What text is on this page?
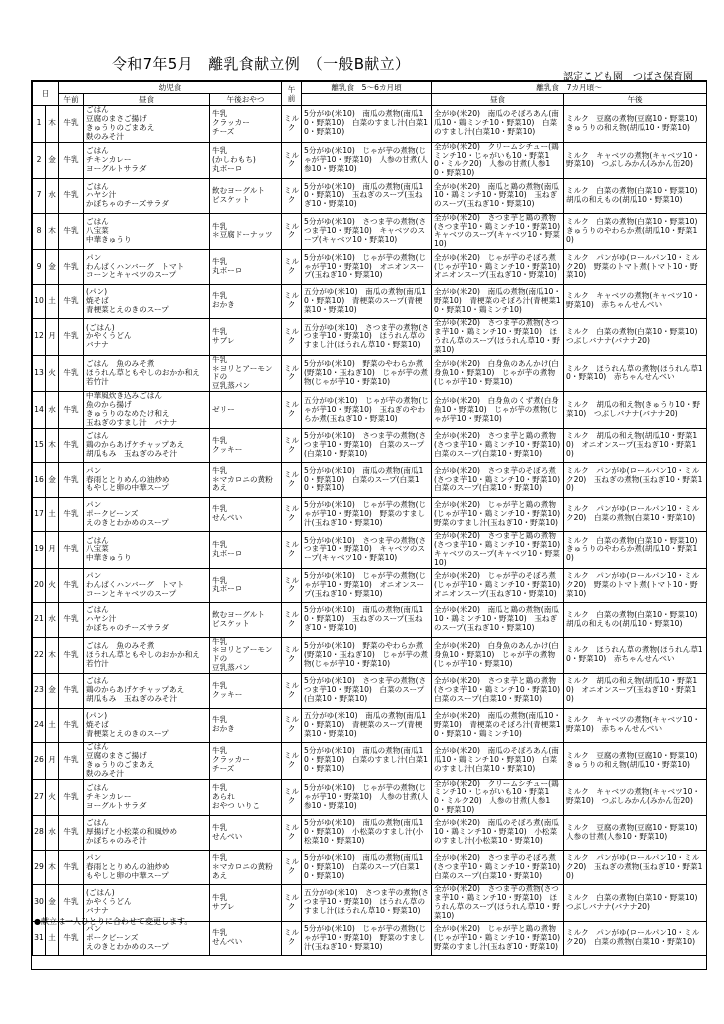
令和7年5月　離乳食献立例　（一般B献立）
認定こども園　つばさ保育園
日		幼児食			午前	離乳食　5～6カ月頃	離乳食　7カ月頃～	
		午前	昼食	午後おやつ			昼食	午後
1	木	牛乳	ごはん
豆腐のまさご揚げ
きゅうりのごまあえ
麩のみそ汁	牛乳
クラッカー
チーズ	ミルク	5分がゆ(米10)　南瓜の煮物(南瓜10・野菜10)　白菜のすまし汁(白菜10・野菜10)	全がゆ(米20)　南瓜のそぼろあん(南瓜10・鶏ミンチ10・野菜10)　白菜のすまし汁(白菜10・野菜10)	ミルク　豆腐の煮物(豆腐10・野菜10)　きゅうりの和え物(胡瓜10・野菜10)
2	金	牛乳	ごはん
チキンカレー
ヨーグルトサラダ	牛乳
(かしわもち)
丸ボーロ	ミルク	5分がゆ(米10)　じゃが芋の煮物(じゃが芋10・野菜10)　人参の甘煮(人参10・野菜10)	全がゆ(米20)　クリームシチュー(鶏ミンチ10・じゃがいも10・野菜10・ミルク20)　人参の甘煮(人参10・野菜10)	ミルク　キャベツの煮物(キャベツ10・野菜10)　つぶしみかん(みかん缶20)
7	水	牛乳	ごはん
ハヤシ汁
かぼちゃのチーズサラダ	飲むヨーグルト
ビスケット	ミルク	5分がゆ(米10)　南瓜の煮物(南瓜10・野菜10)　玉ねぎのスープ(玉ねぎ10・野菜10)	全がゆ(米20)　南瓜と鶏の煮物(南瓜10・鶏ミンチ10・野菜10)　玉ねぎのスープ(玉ねぎ10・野菜10)	ミルク　白菜の煮物(白菜10・野菜10)　胡瓜の和えもの(胡瓜10・野菜10)
8	木	牛乳	ごはん
八宝菜
中華きゅうり	牛乳
＊豆腐ドーナッツ	ミルク	5分がゆ(米10)　さつま芋の煮物(さつま芋10・野菜10)　キャベツのスープ(キャベツ10・野菜10)	全がゆ(米20)　さつま芋と鶏の煮物(さつま芋10・鶏ミンチ10・野菜10)　キャベツのスープ(キャベツ10・野菜10)	ミルク　白菜の煮物(白菜10・野菜10)　きゅうりのやわらか煮(胡瓜10・野菜10)
9	金	牛乳	パン
わんぱくハンバーグ　トマト
コーンとキャベツのスープ	牛乳
丸ボーロ	ミルク	5分がゆ(米10)　じゃが芋の煮物(じゃが芋10・野菜10)　オニオンスープ(玉ねぎ10・野菜10)	全がゆ(米20)　じゃが芋のそぼろ煮(じゃが芋10・鶏ミンチ10・野菜10)　オニオンスープ(玉ねぎ10・野菜10)	ミルク　パンがゆ(ロールパン10・ミルク20)　野菜のトマト煮(トマト10・野菜10)
10	土	牛乳	(パン)
焼そば
青梗菜とえのきのスープ	牛乳
おかき	ミルク	五分がゆ(米10)　南瓜の煮物(南瓜10・野菜10)　青梗菜のスープ(青梗菜10・野菜10)	全がゆ(米20)　南瓜の煮物(南瓜10・野菜10)　青梗菜のそぼろ汁(青梗菜10・野菜10・鶏ミンチ10)	ミルク　キャベツの煮物(キャベツ10・野菜10)　赤ちゃんせんべい
12	月	牛乳	(ごはん)
かやくうどん
バナナ	牛乳
サブレ	ミルク	五分がゆ(米10)　さつま芋の煮物(さつま芋10・野菜10)　ほうれん草のすまし汁(ほうれん草10・野菜10)	全がゆ(米20)　さつま芋の煮物(さつま芋10・鶏ミンチ10・野菜10)　ほうれん草のスープ(ほうれん草10・野菜10)	ミルク　白菜の煮物(白菜10・野菜10)　つぶしバナナ(バナナ20)
13	火	牛乳	ごはん　魚のみそ煮
ほうれん草ともやしのおかか和え
若竹汁	牛乳
＊ヨリとアーモンドの
豆乳蒸パン	ミルク	5分がゆ(米10)　野菜のやわらか煮(野菜10・玉ねぎ10)　じゃが芋の煮物(じゃが芋10・野菜10)	全がゆ(米20)　白身魚のあんかけ(白身魚10・野菜10)　じゃが芋の煮物(じゃが芋10・野菜10)	ミルク　ほうれん草の煮物(ほうれん草10・野菜10)　赤ちゃんせんべい
14	水	牛乳	中華風炊き込みごはん
魚のから揚げ
きゅうりのなめたけ和え
玉ねぎのすまし汁　バナナ	ゼリー	ミルク	五分がゆ(米10)　じゃが芋の煮物(じゃが芋10・野菜10)　玉ねぎのやわらか煮(玉ねぎ10・野菜10)	全がゆ(米20)　白身魚のくず煮(白身魚10・野菜10)　じゃが芋の煮物(じゃが芋10・野菜10)	ミルク　胡瓜の和え物(きゅうり10・野菜10)　つぶしバナナ(バナナ20)
15	木	牛乳	ごはん
鶏のからあげケチャップあえ
胡瓜もみ　玉ねぎのみそ汁	牛乳
クッキー	ミルク	5分がゆ(米10)　さつま芋の煮物(さつま芋10・野菜10)　白菜のスープ(白菜10・野菜10)	全がゆ(米20)　さつま芋と鶏の煮物(さつま芋10・鶏ミンチ10・野菜10)　白菜のスープ(白菜10・野菜10)	ミルク　胡瓜の和え物(胡瓜10・野菜10)　オニオンスープ(玉ねぎ10・野菜10)
16	金	牛乳	パン
春雨ととりめんの油炒め
もやしと卵の中華スープ	牛乳
＊マカロニの黄粉あえ	ミルク	5分がゆ(米10)　南瓜の煮物(南瓜10・野菜10)　白菜のスープ(白菜10・野菜10)	全がゆ(米20)　さつま芋のそぼろ煮(さつま芋10・鶏ミンチ10・野菜10)　白菜のスープ(白菜10・野菜10)	ミルク　パンがゆ(ロールパン10・ミルク20)　玉ねぎの煮物(玉ねぎ10・野菜10)
17	土	牛乳	パン
ポークビーンズ
えのきとわかめのスープ	牛乳
せんべい	ミルク	5分がゆ(米10)　じゃが芋の煮物(じゃが芋10・野菜10)　野菜のすまし汁(玉ねぎ10・野菜10)	全がゆ(米20)　じゃが芋と鶏の煮物(じゃが芋10・鶏ミンチ10・野菜10)　野菜のすまし汁(玉ねぎ10・野菜10)	ミルク　パンがゆ(ロールパン10・ミルク20)　白菜の煮物(白菜10・野菜10)
19	月	牛乳	ごはん
八宝菜
中華きゅうり	牛乳
丸ボーロ	ミルク	5分がゆ(米10)　さつま芋の煮物(さつま芋10・野菜10)　キャベツのスープ(キャベツ10・野菜10)	全がゆ(米20)　さつま芋と鶏の煮物(さつま芋10・鶏ミンチ10・野菜10)　キャベツのスープ(キャベツ10・野菜10)	ミルク　白菜の煮物(白菜10・野菜10)　きゅうりのやわらか煮(胡瓜10・野菜10)
20	火	牛乳	パン
わんぱくハンバーグ　トマト
コーンとキャベツのスープ	牛乳
丸ボーロ	ミルク	5分がゆ(米10)　じゃが芋の煮物(じゃが芋10・野菜10)　オニオンスープ(玉ねぎ10・野菜10)	全がゆ(米20)　じゃが芋のそぼろ煮(じゃが芋10・鶏ミンチ10・野菜10)　オニオンスープ(玉ねぎ10・野菜10)	ミルク　パンがゆ(ロールパン10・ミルク20)　野菜のトマト煮(トマト10・野菜10)
21	水	牛乳	ごはん
ハヤシ汁
かぼちゃのチーズサラダ	飲むヨーグルト
ビスケット	ミルク	5分がゆ(米10)　南瓜の煮物(南瓜10・野菜10)　玉ねぎのスープ(玉ねぎ10・野菜10)	全がゆ(米20)　南瓜と鶏の煮物(南瓜10・鶏ミンチ10・野菜10)　玉ねぎのスープ(玉ねぎ10・野菜10)	ミルク　白菜の煮物(白菜10・野菜10)　胡瓜の和えもの(胡瓜10・野菜10)
22	木	牛乳	ごはん　魚のみそ煮
ほうれん草ともやしのおかか和え
若竹汁	牛乳
＊ヨリとアーモンドの
豆乳蒸パン	ミルク	5分がゆ(米10)　野菜のやわらか煮(野菜10・玉ねぎ10)　じゃが芋の煮物(じゃが芋10・野菜10)	全がゆ(米20)　白身魚のあんかけ(白身魚10・野菜10)　じゃが芋の煮物(じゃが芋10・野菜10)	ミルク　ほうれん草の煮物(ほうれん草10・野菜10)　赤ちゃんせんべい
23	金	牛乳	ごはん
鶏のからあげケチャップあえ
胡瓜もみ　玉ねぎのみそ汁	牛乳
クッキー	ミルク	5分がゆ(米10)　さつま芋の煮物(さつま芋10・野菜10)　白菜のスープ(白菜10・野菜10)	全がゆ(米20)　さつま芋と鶏の煮物(さつま芋10・鶏ミンチ10・野菜10)　白菜のスープ(白菜10・野菜10)	ミルク　胡瓜の和え物(胡瓜10・野菜10)　オニオンスープ(玉ねぎ10・野菜10)
24	土	牛乳	(パン)
焼そば
青梗菜とえのきのスープ	牛乳
おかき	ミルク	五分がゆ(米10)　南瓜の煮物(南瓜10・野菜10)　青梗菜のスープ(青梗菜10・野菜10)	全がゆ(米20)　南瓜の煮物(南瓜10・野菜10)　青梗菜のそぼろ汁(青梗菜10・野菜10・鶏ミンチ10)	ミルク　キャベツの煮物(キャベツ10・野菜10)　赤ちゃんせんべい
26	月	牛乳	ごはん
豆腐のまさご揚げ
きゅうりのごまあえ
麩のみそ汁	牛乳
クラッカー
チーズ	ミルク	5分がゆ(米10)　南瓜の煮物(南瓜10・野菜10)　白菜のすまし汁(白菜10・野菜10)	全がゆ(米20)　南瓜のそぼろあん(南瓜10・鶏ミンチ10・野菜10)　白菜のすまし汁(白菜10・野菜10)	ミルク　豆腐の煮物(豆腐10・野菜10)　きゅうりの和え物(胡瓜10・野菜10)
27	火	牛乳	ごはん
チキンカレー
ヨーグルトサラダ	牛乳
あられ
おやつ いりこ	ミルク	5分がゆ(米10)　じゃが芋の煮物(じゃが芋10・野菜10)　人参の甘煮(人参10・野菜10)	全がゆ(米20)　クリームシチュー(鶏ミンチ10・じゃがいも10・野菜10・ミルク20)　人参の甘煮(人参10・野菜10)	ミルク　キャベツの煮物(キャベツ10・野菜10)　つぶしみかん(みかん缶20)
28	水	牛乳	ごはん
厚揚げと小松菜の和風炒め
かぼちゃのみそ汁	牛乳
せんべい	ミルク	5分がゆ(米10)　南瓜の煮物(南瓜10・野菜10)　小松菜のすまし汁(小松菜10・野菜10)	全がゆ(米20)　南瓜のそぼろ煮(南瓜10・鶏ミンチ10・野菜10)　小松菜のすまし汁(小松菜10・野菜10)	ミルク　豆腐の煮物(豆腐10・野菜10)　人参の甘煮(人参10・野菜10)
29	木	牛乳	パン
春雨ととりめんの油炒め
もやしと卵の中華スープ	牛乳
＊マカロニの黄粉あえ	ミルク	5分がゆ(米10)　南瓜の煮物(南瓜10・野菜10)　白菜のスープ(白菜10・野菜10)	全がゆ(米20)　さつま芋のそぼろ煮(さつま芋10・鶏ミンチ10・野菜10)　白菜のスープ(白菜10・野菜10)	ミルク　パンがゆ(ロールパン10・ミルク20)　玉ねぎの煮物(玉ねぎ10・野菜10)
30	金	牛乳	(ごはん)
かやくうどん
バナナ	牛乳
サブレ	ミルク	五分がゆ(米10)　さつま芋の煮物(さつま芋10・野菜10)　ほうれん草のすまし汁(ほうれん草10・野菜10)	全がゆ(米20)　さつま芋の煮物(さつま芋10・鶏ミンチ10・野菜10)　ほうれん草のスープ(ほうれん草10・野菜10)	ミルク　白菜の煮物(白菜10・野菜10)　つぶしバナナ(バナナ20)
31	土	牛乳	パン
ポークビーンズ
えのきとわかめのスープ	牛乳
せんべい	ミルク	5分がゆ(米10)　じゃが芋の煮物(じゃが芋10・野菜10)　野菜のすまし汁(玉ねぎ10・野菜10)	全がゆ(米20)　じゃが芋と鶏の煮物(じゃが芋10・鶏ミンチ10・野菜10)　野菜のすまし汁(玉ねぎ10・野菜10)	ミルク　パンがゆ(ロールパン10・ミルク20)　白菜の煮物(白菜10・野菜10)
●献立は一人ひとりに合わせて変更します。
